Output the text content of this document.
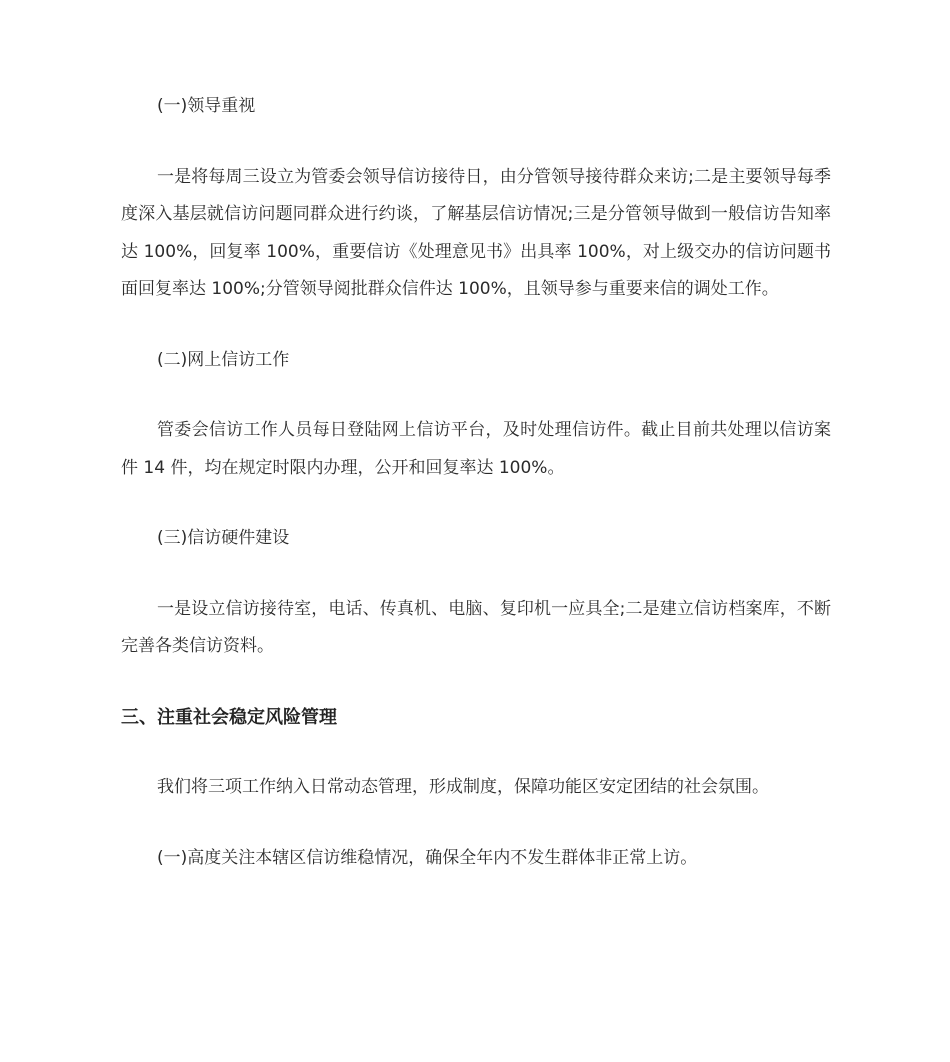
(一)领导重视

一是将每周三设立为管委会领导信访接待日，由分管领导接待群众来访;二是主要领导每季度深入基层就信访问题同群众进行约谈，了解基层信访情况;三是分管领导做到一般信访告知率达 100%，回复率 100%，重要信访《处理意见书》出具率 100%，对上级交办的信访问题书面回复率达 100%;分管领导阅批群众信件达 100%，且领导参与重要来信的调处工作。

(二)网上信访工作

管委会信访工作人员每日登陆网上信访平台，及时处理信访件。截止目前共处理以信访案件 14 件，均在规定时限内办理，公开和回复率达 100%。

(三)信访硬件建设

一是设立信访接待室，电话、传真机、电脑、复印机一应具全;二是建立信访档案库，不断完善各类信访资料。

三、注重社会稳定风险管理

我们将三项工作纳入日常动态管理，形成制度，保障功能区安定团结的社会氛围。

(一)高度关注本辖区信访维稳情况，确保全年内不发生群体非正常上访。
